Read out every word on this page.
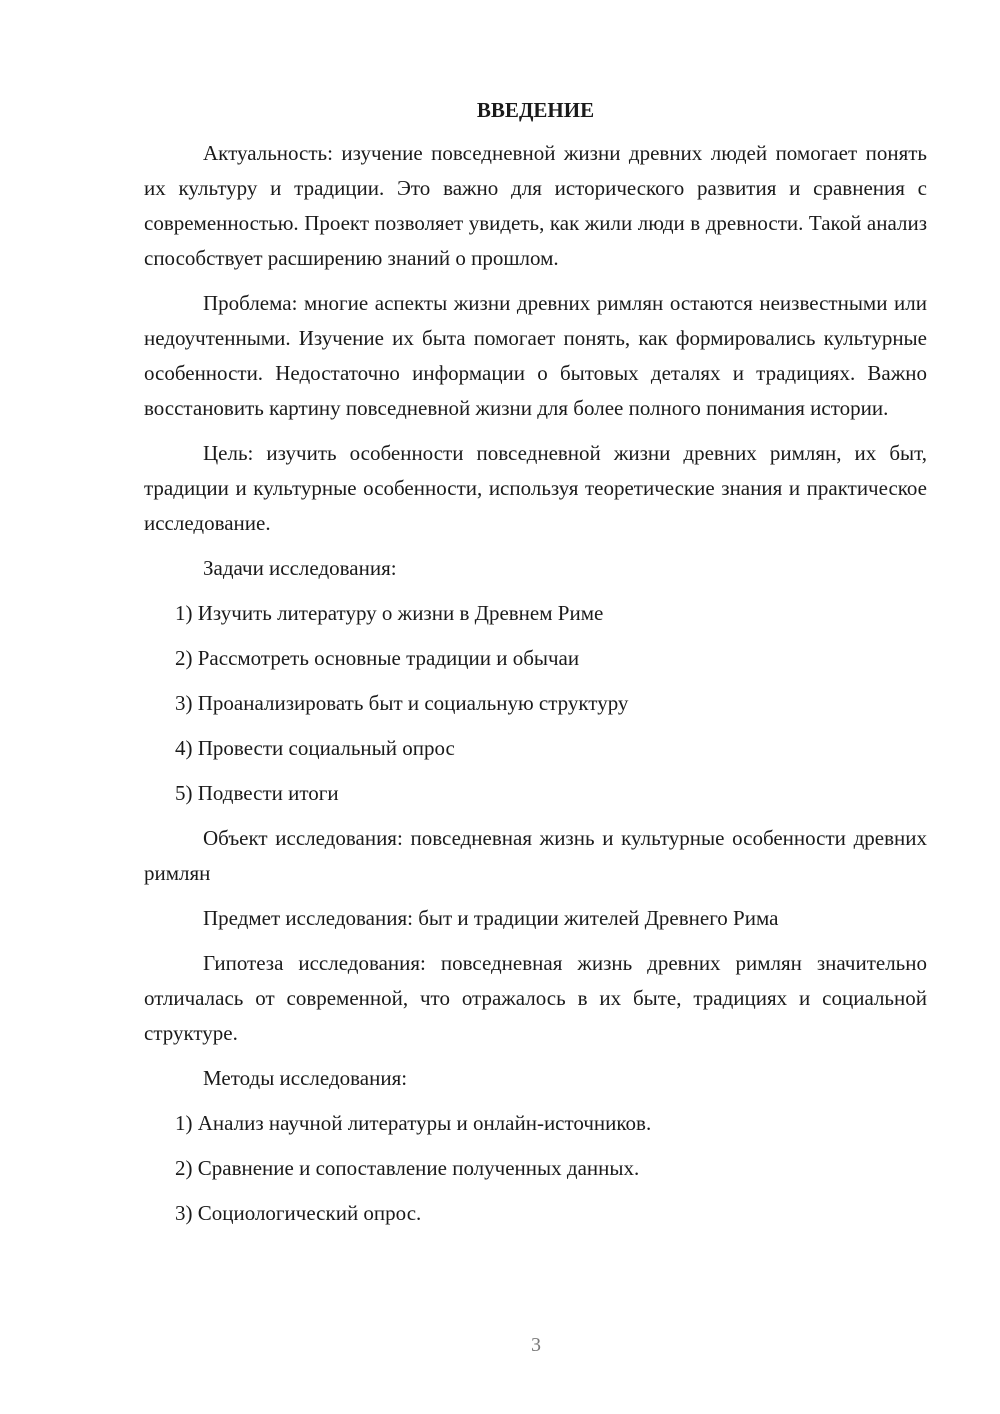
ВВЕДЕНИЕ

Актуальность: изучение повседневной жизни древних людей помогает понять их культуру и традиции. Это важно для исторического развития и сравнения с современностью. Проект позволяет увидеть, как жили люди в древности. Такой анализ способствует расширению знаний о прошлом.

Проблема: многие аспекты жизни древних римлян остаются неизвестными или недоучтенными. Изучение их быта помогает понять, как формировались культурные особенности. Недостаточно информации о бытовых деталях и традициях. Важно восстановить картину повседневной жизни для более полного понимания истории.

Цель: изучить особенности повседневной жизни древних римлян, их быт, традиции и культурные особенности, используя теоретические знания и практическое исследование.

Задачи исследования:

1) Изучить литературу о жизни в Древнем Риме

2) Рассмотреть основные традиции и обычаи

3) Проанализировать быт и социальную структуру

4) Провести социальный опрос

5) Подвести итоги

Объект исследования: повседневная жизнь и культурные особенности древних римлян

Предмет исследования: быт и традиции жителей Древнего Рима

Гипотеза исследования: повседневная жизнь древних римлян значительно отличалась от современной, что отражалось в их быте, традициях и социальной структуре.

Методы исследования:

1) Анализ научной литературы и онлайн-источников.

2) Сравнение и сопоставление полученных данных.

3) Социологический опрос.

3
